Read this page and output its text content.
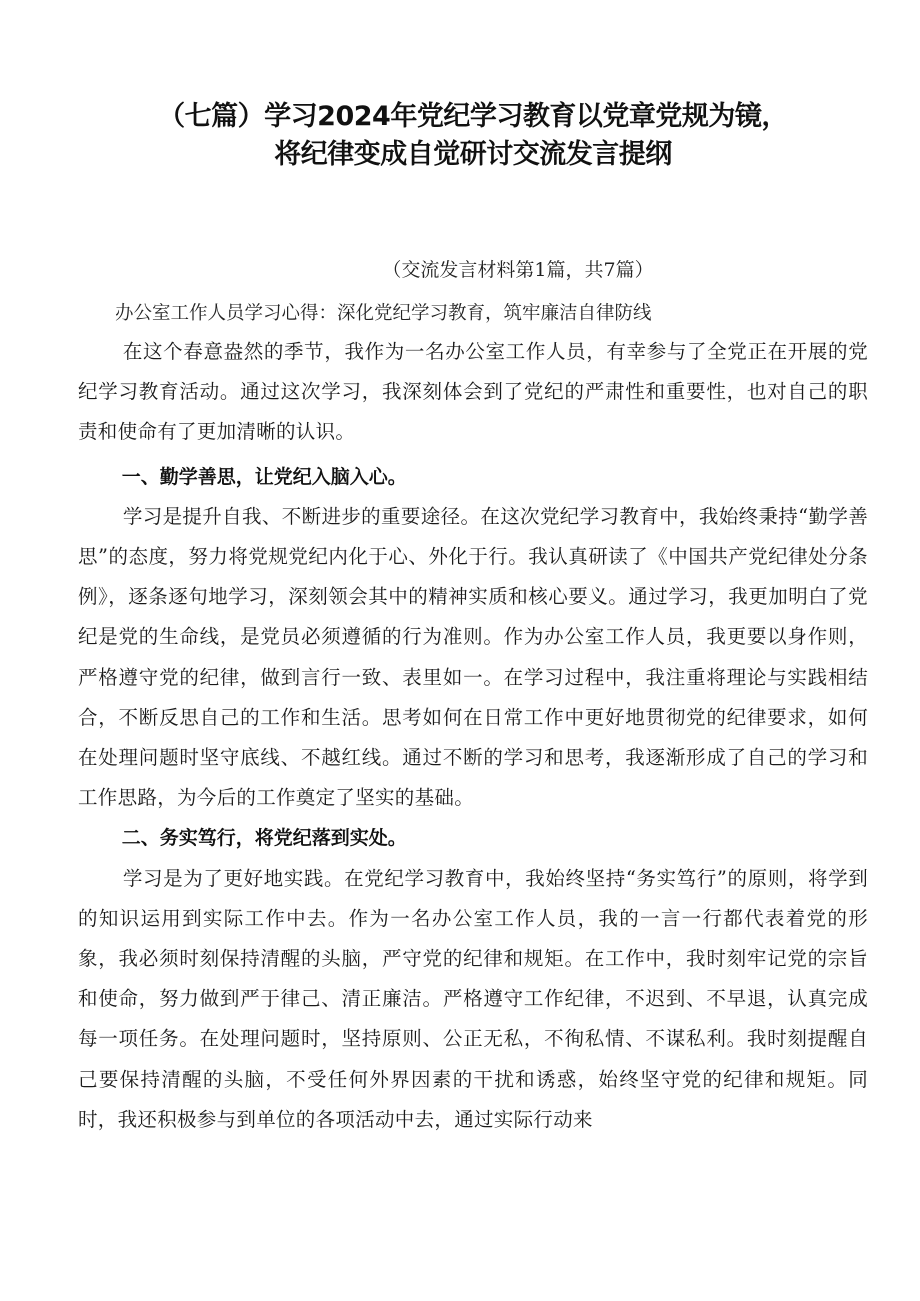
（七篇）学习2024年党纪学习教育以党章党规为镜，
将纪律变成自觉研讨交流发言提纲

（交流发言材料第1篇，共7篇）

办公室工作人员学习心得：深化党纪学习教育，筑牢廉洁自律防线

在这个春意盎然的季节，我作为一名办公室工作人员，有幸参与了全党正在开展的党纪学习教育活动。通过这次学习，我深刻体会到了党纪的严肃性和重要性，也对自己的职责和使命有了更加清晰的认识。

一、勤学善思，让党纪入脑入心。

学习是提升自我、不断进步的重要途径。在这次党纪学习教育中，我始终秉持“勤学善思”的态度，努力将党规党纪内化于心、外化于行。我认真研读了《中国共产党纪律处分条例》，逐条逐句地学习，深刻领会其中的精神实质和核心要义。通过学习，我更加明白了党纪是党的生命线，是党员必须遵循的行为准则。作为办公室工作人员，我更要以身作则，严格遵守党的纪律，做到言行一致、表里如一。在学习过程中，我注重将理论与实践相结合，不断反思自己的工作和生活。思考如何在日常工作中更好地贯彻党的纪律要求，如何在处理问题时坚守底线、不越红线。通过不断的学习和思考，我逐渐形成了自己的学习和工作思路，为今后的工作奠定了坚实的基础。

二、务实笃行，将党纪落到实处。

学习是为了更好地实践。在党纪学习教育中，我始终坚持“务实笃行”的原则，将学到的知识运用到实际工作中去。作为一名办公室工作人员，我的一言一行都代表着党的形象，我必须时刻保持清醒的头脑，严守党的纪律和规矩。在工作中，我时刻牢记党的宗旨和使命，努力做到严于律己、清正廉洁。严格遵守工作纪律，不迟到、不早退，认真完成每一项任务。在处理问题时，坚持原则、公正无私，不徇私情、不谋私利。我时刻提醒自己要保持清醒的头脑，不受任何外界因素的干扰和诱惑，始终坚守党的纪律和规矩。同时，我还积极参与到单位的各项活动中去，通过实际行动来
